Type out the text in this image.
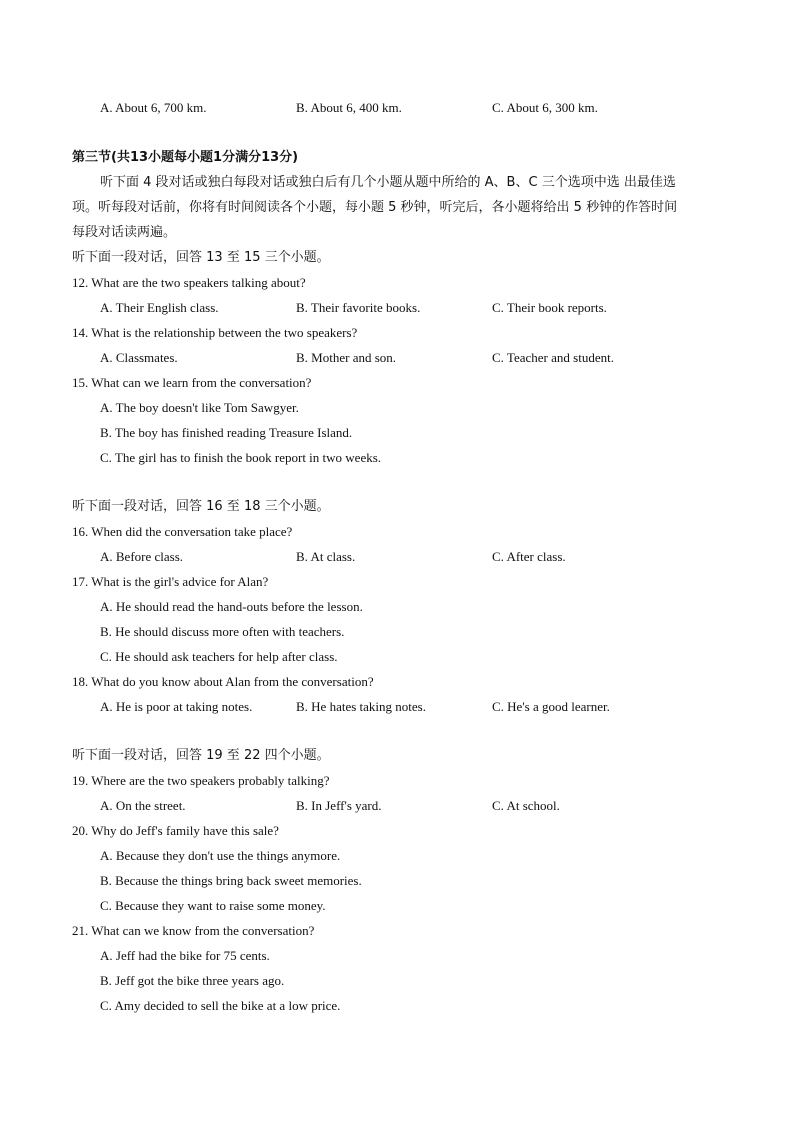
A. About 6, 700 km.	B. About 6, 400 km.	C. About 6, 300 km.
第三节(共13小题每小题1分满分13分)
听下面 4 段对话或独白每段对话或独白后有几个小题从题中所给的 A、B、C 三个选项中选 出最佳选
项。听每段对话前，你将有时间阅读各个小题，每小题 5 秒钟，听完后，各小题将给出 5 秒钟的作答时间
每段对话读两遍。
听下面一段对话，回答 13 至 15 三个小题。
12. What are the two speakers talking about?
A. Their English class.	B. Their favorite books.	C. Their book reports.
14. What is the relationship between the two speakers?
A. Classmates.	B. Mother and son.	C. Teacher and student.
15. What can we learn from the conversation?
A. The boy doesn't like Tom Sawgyer.
B. The boy has finished reading Treasure Island.
C. The girl has to finish the book report in two weeks.
听下面一段对话，回答 16 至 18 三个小题。
16. When did the conversation take place?
A. Before class.	B. At class.	C. After class.
17. What is the girl's advice for Alan?
A. He should read the hand-outs before the lesson.
B. He should discuss more often with teachers.
C. He should ask teachers for help after class.
18. What do you know about Alan from the conversation?
A. He is poor at taking notes.	B. He hates taking notes.	C. He's a good learner.
听下面一段对话，回答 19 至 22 四个小题。
19. Where are the two speakers probably talking?
A. On the street.	B. In Jeff's yard.	C. At school.
20. Why do Jeff's family have this sale?
A. Because they don't use the things anymore.
B. Because the things bring back sweet memories.
C. Because they want to raise some money.
21. What can we know from the conversation?
A. Jeff had the bike for 75 cents.
B. Jeff got the bike three years ago.
C. Amy decided to sell the bike at a low price.
